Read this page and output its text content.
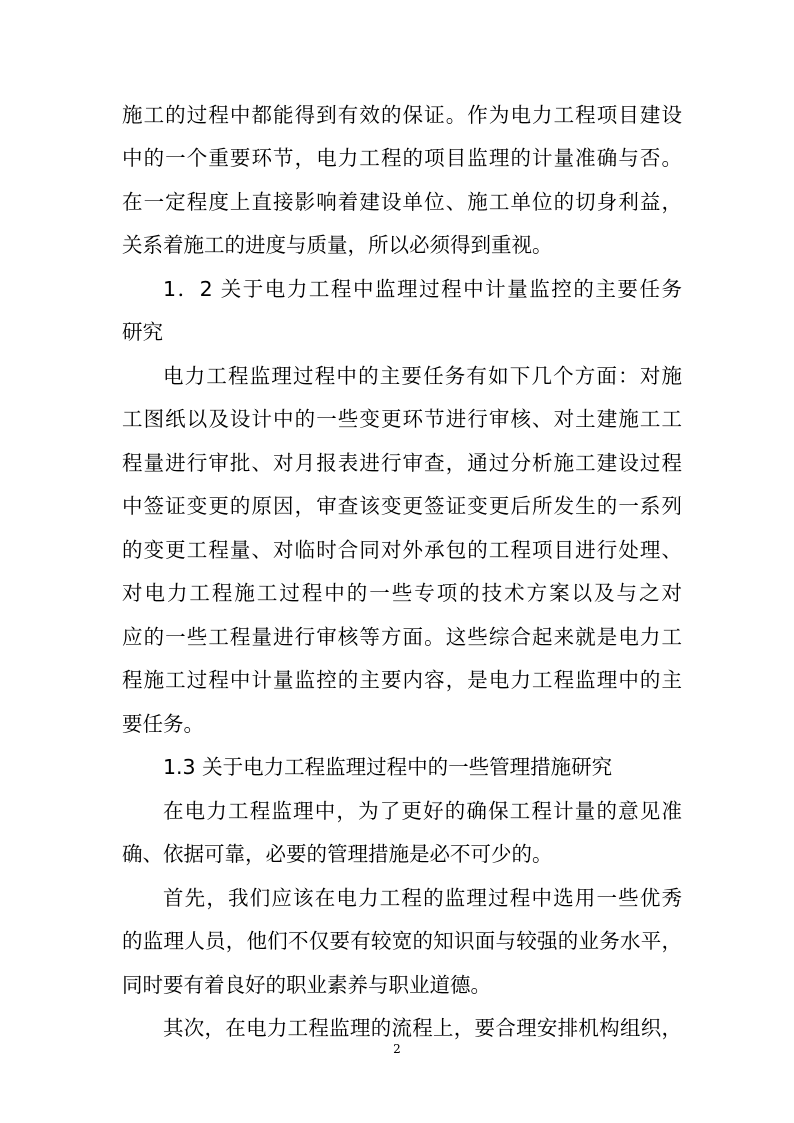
施工的过程中都能得到有效的保证。作为电力工程项目建设
中的一个重要环节，电力工程的项目监理的计量准确与否。
在一定程度上直接影响着建设单位、施工单位的切身利益，
关系着施工的进度与质量，所以必须得到重视。
1．2 关于电力工程中监理过程中计量监控的主要任务
研究
电力工程监理过程中的主要任务有如下几个方面：对施
工图纸以及设计中的一些变更环节进行审核、对土建施工工
程量进行审批、对月报表进行审查，通过分析施工建设过程
中签证变更的原因，审查该变更签证变更后所发生的一系列
的变更工程量、对临时合同对外承包的工程项目进行处理、
对电力工程施工过程中的一些专项的技术方案以及与之对
应的一些工程量进行审核等方面。这些综合起来就是电力工
程施工过程中计量监控的主要内容，是电力工程监理中的主
要任务。
1.3 关于电力工程监理过程中的一些管理措施研究
在电力工程监理中，为了更好的确保工程计量的意见准
确、依据可靠，必要的管理措施是必不可少的。
首先，我们应该在电力工程的监理过程中选用一些优秀
的监理人员，他们不仅要有较宽的知识面与较强的业务水平，
同时要有着良好的职业素养与职业道德。
其次，在电力工程监理的流程上，要合理安排机构组织，
2
